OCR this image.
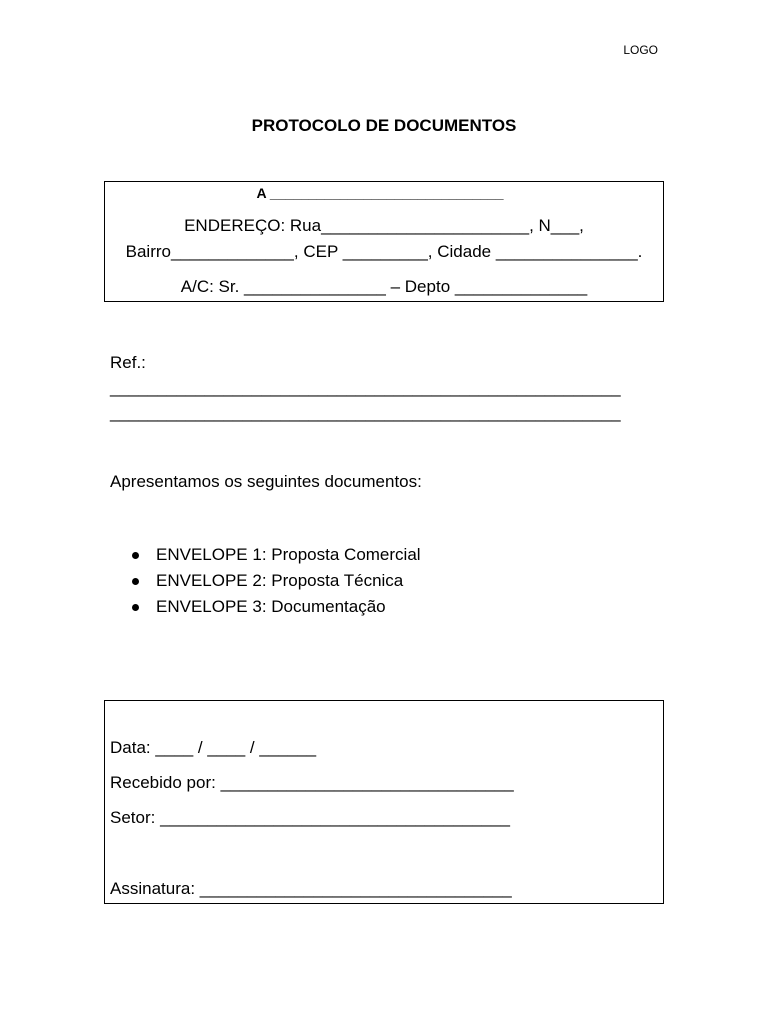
LOGO
PROTOCOLO DE DOCUMENTOS
A ______________________________
ENDEREÇO: Rua______________________, N___,
Bairro_____________, CEP _________, Cidade _______________.
A/C: Sr. _______________ – Depto ______________
Ref.:
______________________________________________________
______________________________________________________
Apresentamos os seguintes documentos:
ENVELOPE 1: Proposta Comercial
ENVELOPE 2: Proposta Técnica
ENVELOPE 3: Documentação
Data: ____ / ____ / ______
Recebido por: _______________________________
Setor: _____________________________________
Assinatura: _________________________________
